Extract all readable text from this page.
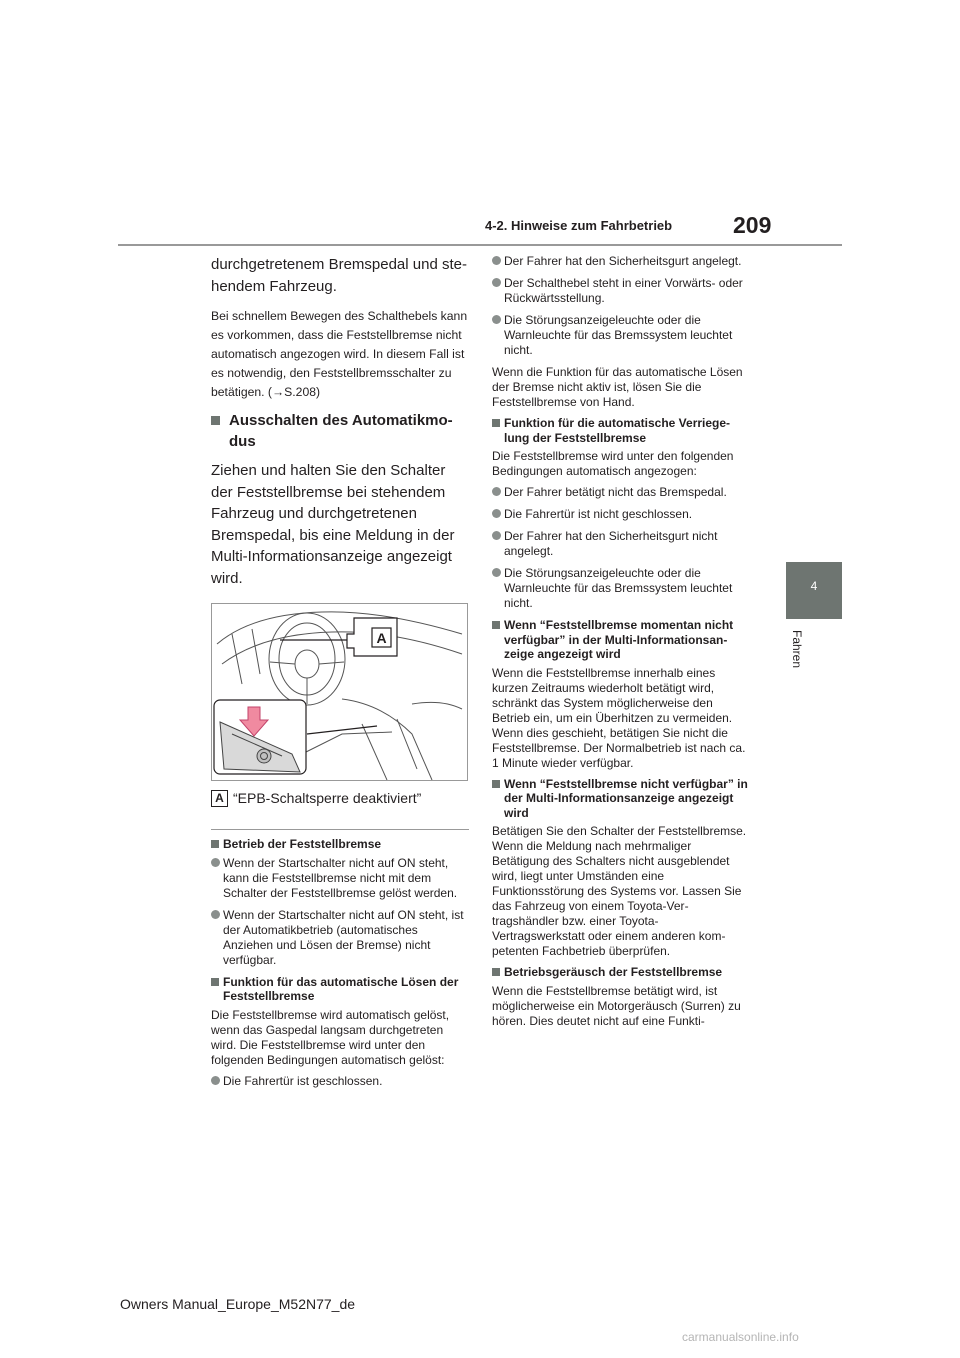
4-2. Hinweise zum Fahrbetrieb	209
4
Fahren

durchgetretenem Bremspedal und stehendem Fahrzeug.

Bei schnellem Bewegen des Schalthebels kann es vorkommen, dass die Feststellbremse nicht automatisch angezogen wird. In diesem Fall ist es notwendig, den Feststellbremsschalter zu betätigen. (→S.208)

Ausschalten des Automatikmodus

Ziehen und halten Sie den Schalter der Feststellbremse bei stehendem Fahrzeug und durchgetretenen Bremspedal, bis eine Meldung in der Multi-Informationsanzeige angezeigt wird.

A
A “EPB-Schaltsperre deaktiviert”
Betrieb der Feststellbremse
Wenn der Startschalter nicht auf ON steht, kann die Feststellbremse nicht mit dem Schalter der Feststellbremse gelöst werden.
Wenn der Startschalter nicht auf ON steht, ist der Automatikbetrieb (automatisches Anziehen und Lösen der Bremse) nicht verfügbar.
Funktion für das automatische Lösen der Feststellbremse

Die Feststellbremse wird automatisch gelöst, wenn das Gaspedal langsam durchgetreten wird. Die Feststellbremse wird unter den folgenden Bedingungen automatisch gelöst:

Die Fahrertür ist geschlossen.
Der Fahrer hat den Sicherheitsgurt angelegt.
Der Schalthebel steht in einer Vorwärts- oder Rückwärtsstellung.
Die Störungsanzeigeleuchte oder die Warnleuchte für das Bremssystem leuchtet nicht.

Wenn die Funktion für das automatische Lösen der Bremse nicht aktiv ist, lösen Sie die Feststellbremse von Hand.

Funktion für die automatische Verriegelung der Feststellbremse

Die Feststellbremse wird unter den folgenden Bedingungen automatisch angezogen:

Der Fahrer betätigt nicht das Bremspedal.
Die Fahrertür ist nicht geschlossen.
Der Fahrer hat den Sicherheitsgurt nicht angelegt.
Die Störungsanzeigeleuchte oder die Warnleuchte für das Bremssystem leuchtet nicht.
Wenn “Feststellbremse momentan nicht verfügbar” in der Multi-Informationsanzeige angezeigt wird

Wenn die Feststellbremse innerhalb eines kurzen Zeitraums wiederholt betätigt wird, schränkt das System möglicherweise den Betrieb ein, um ein Überhitzen zu vermeiden. Wenn dies geschieht, betätigen Sie nicht die Feststellbremse. Der Normalbetrieb ist nach ca. 1 Minute wieder verfügbar.

Wenn “Feststellbremse nicht verfügbar” in der Multi-Informationsanzeige angezeigt wird

Betätigen Sie den Schalter der Feststellbremse. Wenn die Meldung nach mehrmaliger Betätigung des Schalters nicht ausgeblendet wird, liegt unter Umständen eine Funktionsstörung des Systems vor. Lassen Sie das Fahrzeug von einem Toyota-Vertragshändler bzw. einer Toyota-Vertragswerkstatt oder einem anderen kompetenten Fachbetrieb überprüfen.

Betriebsgeräusch der Feststellbremse

Wenn die Feststellbremse betätigt wird, ist möglicherweise ein Motorgeräusch (Surren) zu hören. Dies deutet nicht auf eine Funkti-

Owners Manual_Europe_M52N77_de
carmanualsonline.info
